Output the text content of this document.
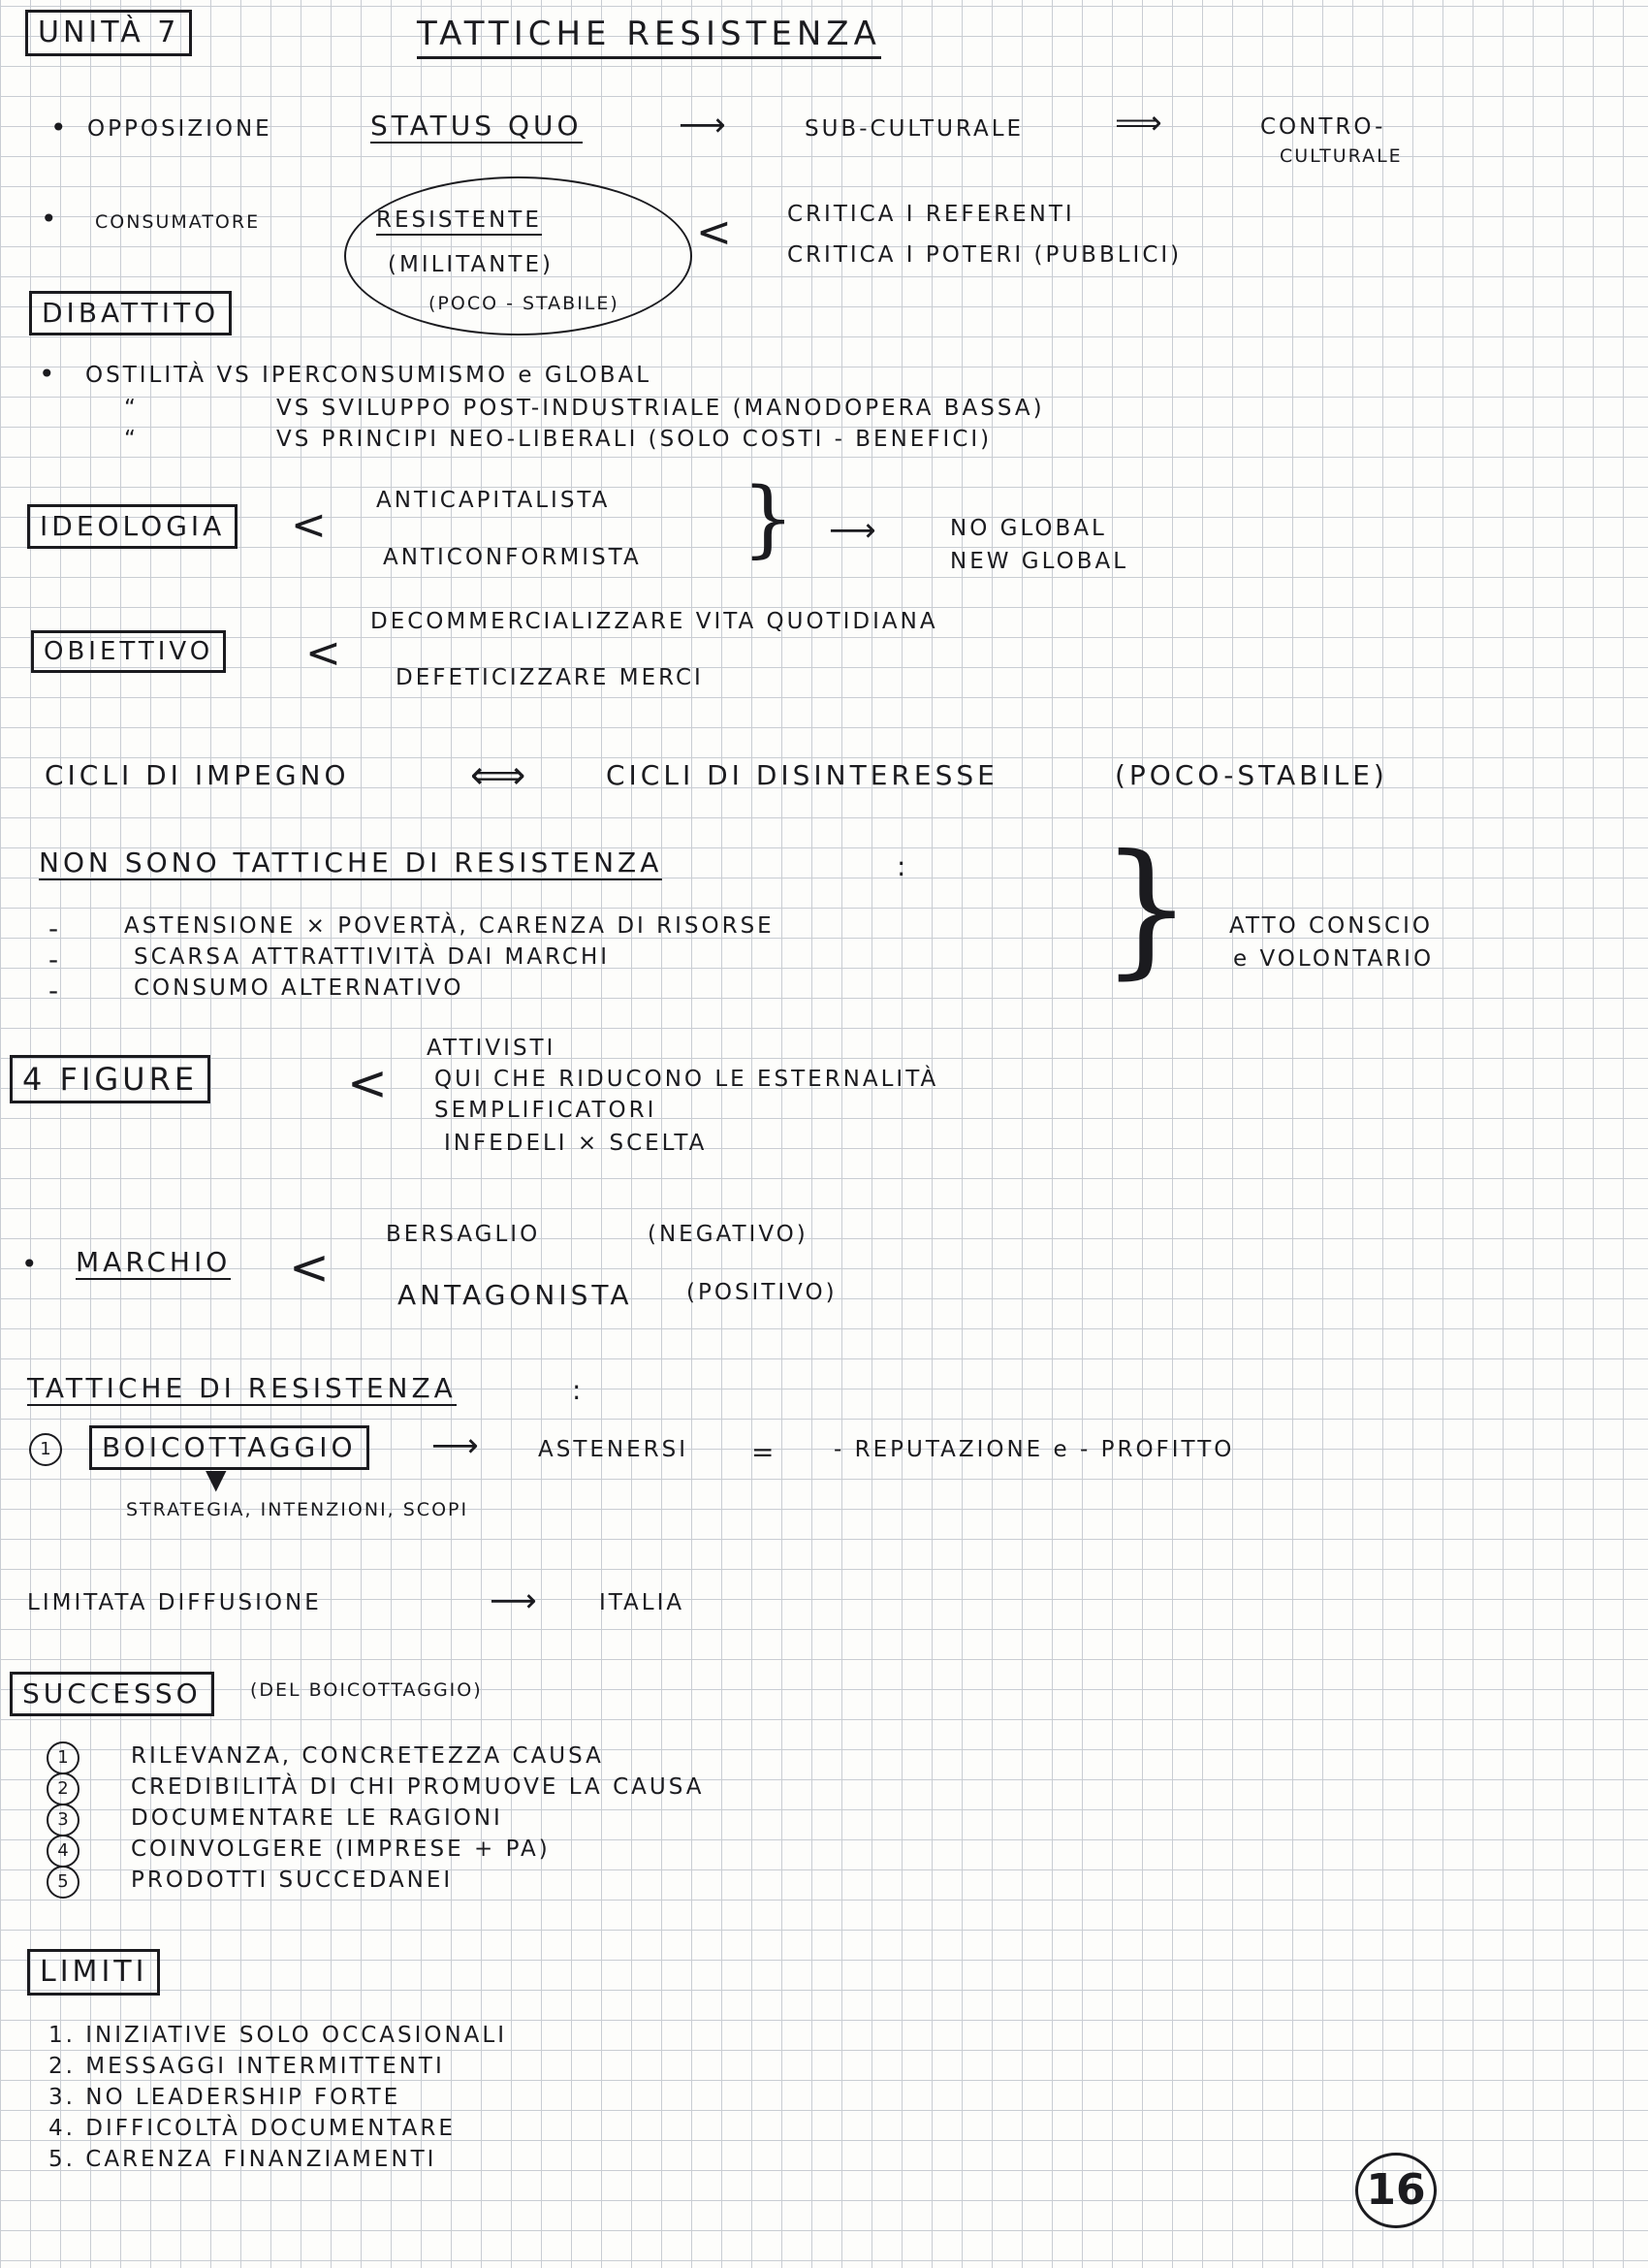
UNITÀ 7	TATTICHE RESISTENZA
• OPPOSIZIONE	STATUS QUO	⟶	SUB-CULTURALE	⟹	CONTRO-
CULTURALE
• CONSUMATORE	RESISTENTE
(MILITANTE)
(POCO - STABILE)
< CRITICA I REFERENTI
CRITICA I POTERI (PUBBLICI)
DIBATTITO
• OSTILITÀ VS IPERCONSUMISMO e GLOBAL
“	VS SVILUPPO POST-INDUSTRIALE (MANODOPERA BASSA)
“	VS PRINCIPI NEO-LIBERALI (SOLO COSTI - BENEFICI)
IDEOLOGIA < ANTICAPITALISTA
ANTICONFORMISTA } ⟶	NO GLOBAL
NEW GLOBAL
OBIETTIVO <
DECOMMERCIALIZZARE VITA QUOTIDIANA
DEFETICIZZARE MERCI
CICLI DI IMPEGNO	⟺	CICLI DI DISINTERESSE	(POCO-STABILE)
NON SONO TATTICHE DI RESISTENZA	:
-	ASTENSIONE × POVERTÀ, CARENZA DI RISORSE
-	SCARSA ATTRATTIVITÀ DAI MARCHI
-	CONSUMO ALTERNATIVO	} ATTO CONSCIO
e VOLONTARIO
4 FIGURE	<
ATTIVISTI
QUI CHE RIDUCONO LE ESTERNALITÀ
SEMPLIFICATORI
INFEDELI × SCELTA
• MARCHIO <
BERSAGLIO	(NEGATIVO)
ANTAGONISTA (POSITIVO)
TATTICHE DI RESISTENZA	:
1	BOICOTTAGGIO	⟶	ASTENERSI =	- REPUTAZIONE e - PROFITTO
▼
STRATEGIA, INTENZIONI, SCOPI
LIMITATA DIFFUSIONE	⟶	ITALIA
SUCCESSO	(DEL BOICOTTAGGIO)
1	RILEVANZA, CONCRETEZZA CAUSA
2	CREDIBILITÀ DI CHI PROMUOVE LA CAUSA
3	DOCUMENTARE LE RAGIONI
4	COINVOLGERE (IMPRESE + PA)
5	PRODOTTI SUCCEDANEI
LIMITI
1. INIZIATIVE SOLO OCCASIONALI
2. MESSAGGI INTERMITTENTI
3. NO LEADERSHIP FORTE
4. DIFFICOLTÀ DOCUMENTARE
5. CARENZA FINANZIAMENTI
16
